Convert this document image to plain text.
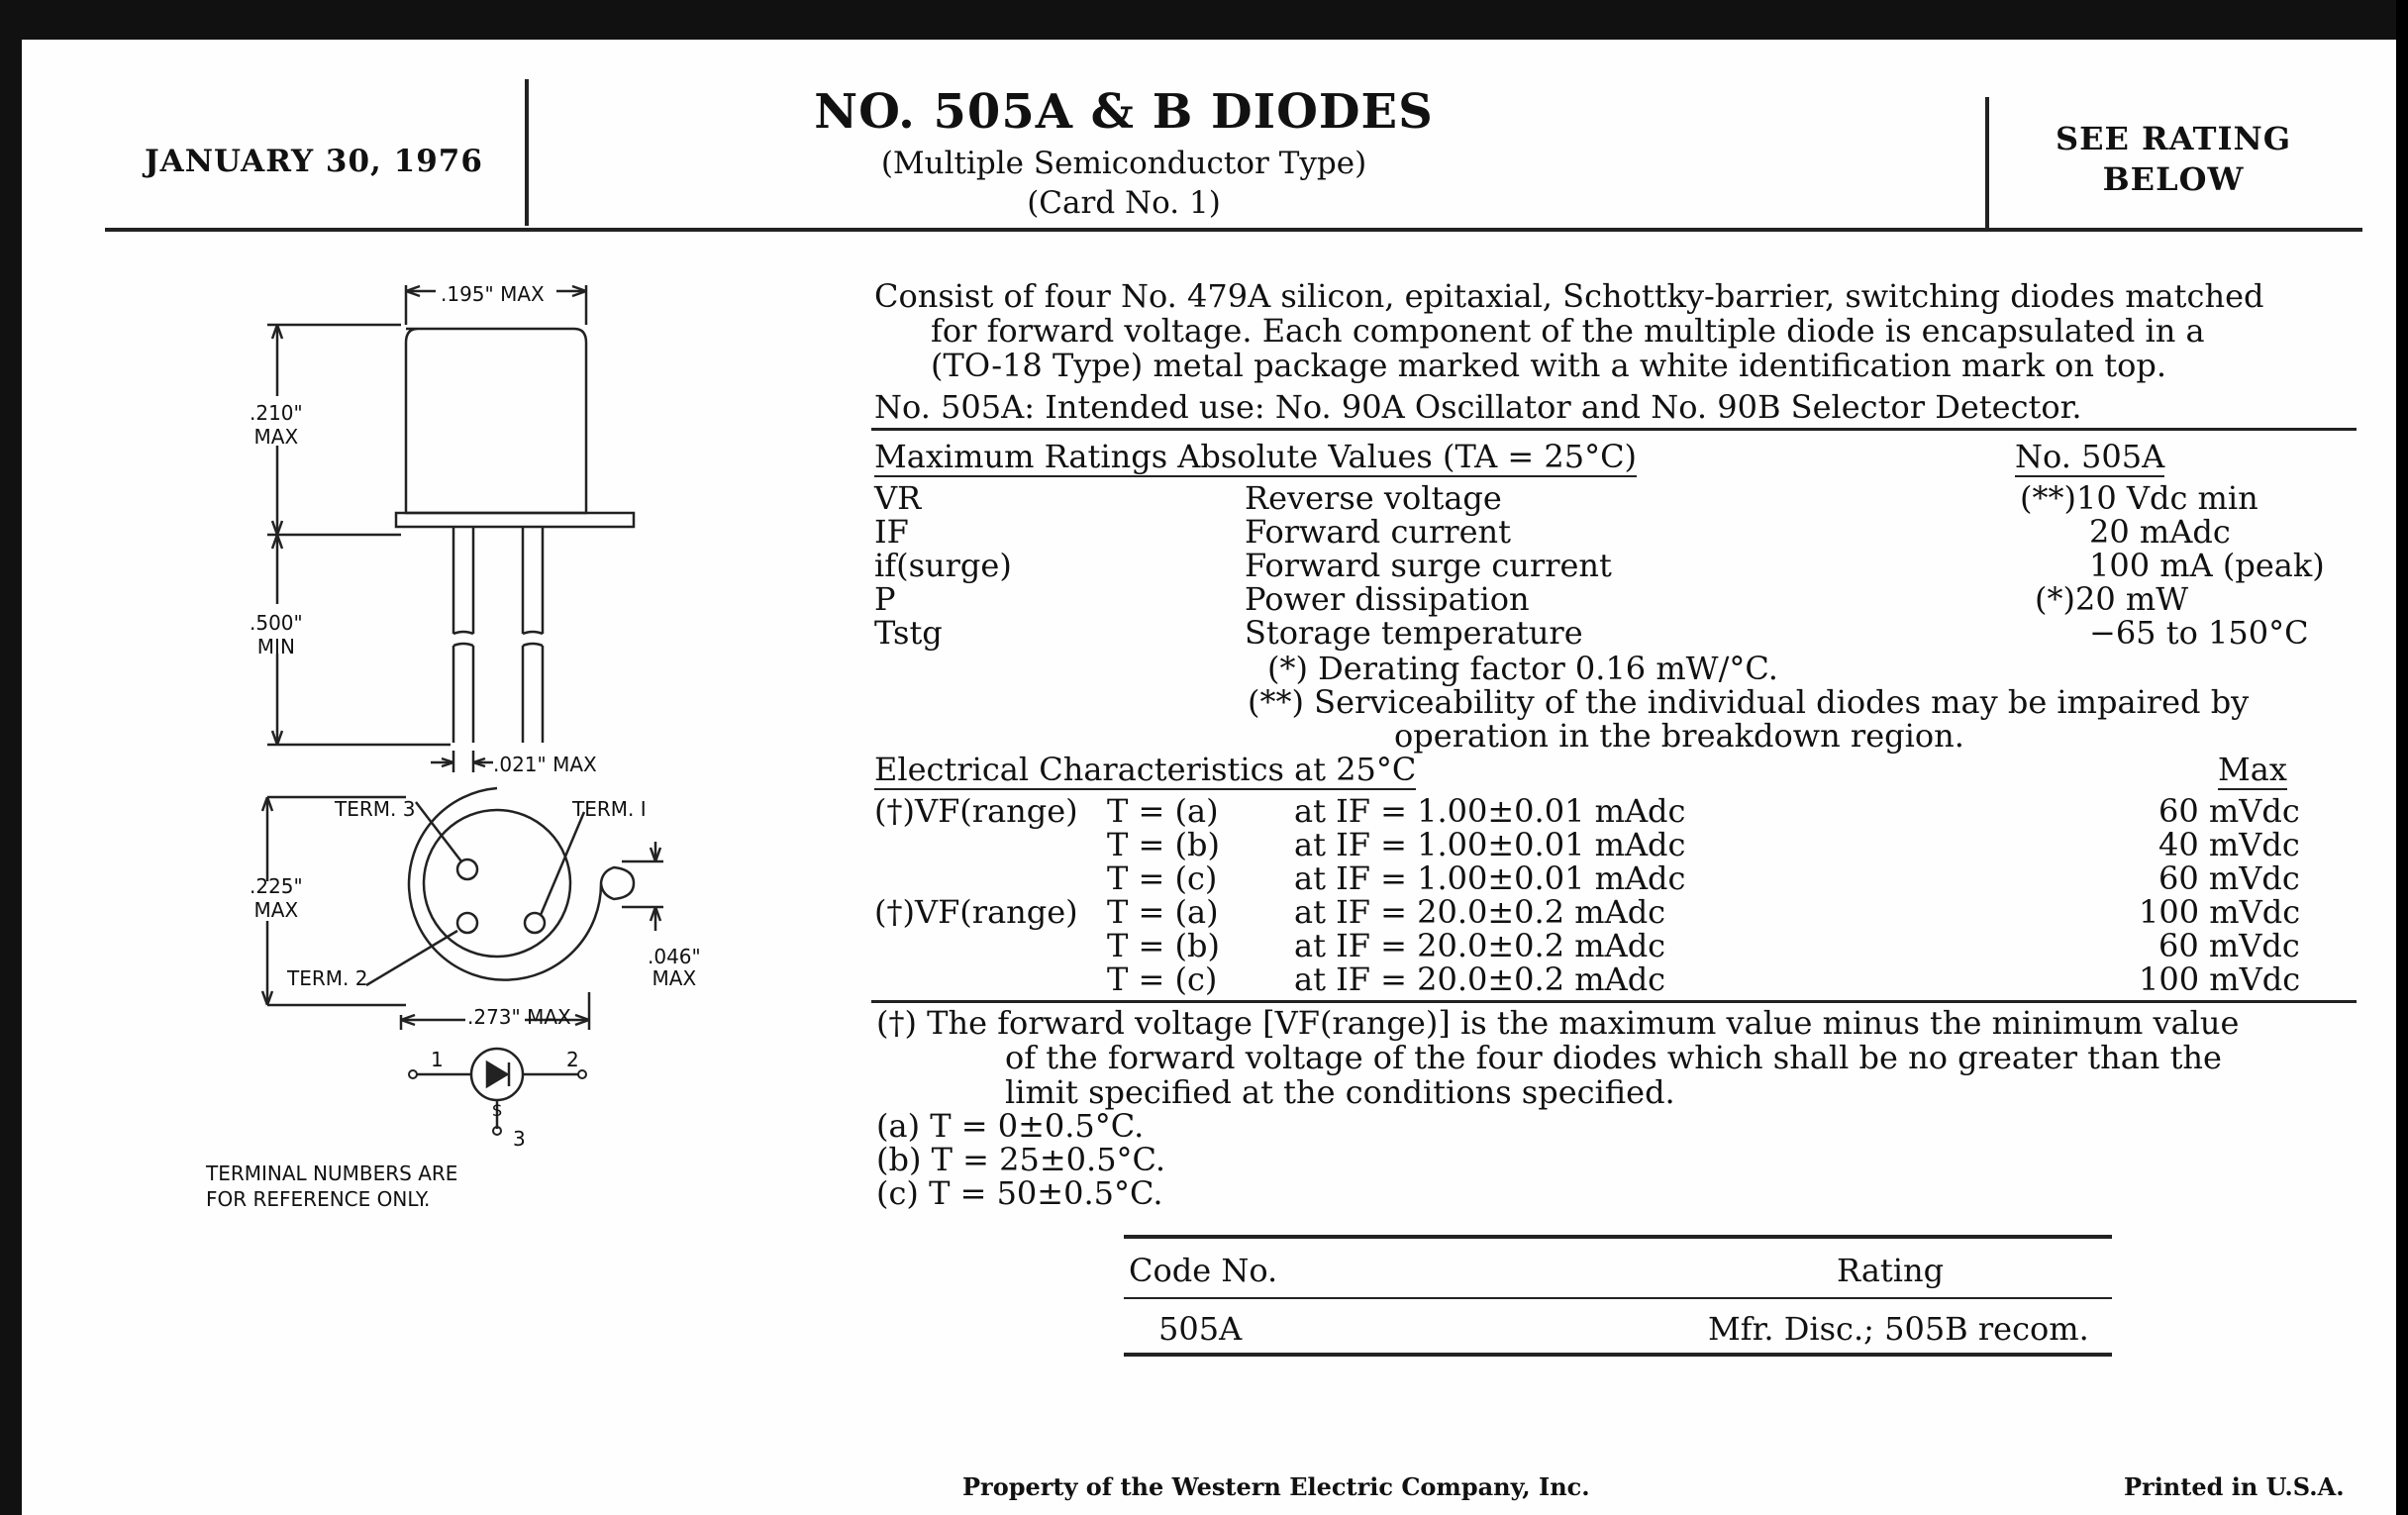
JANUARY 30, 1976
NO. 505A & B DIODES
(Multiple Semiconductor Type)
(Card No. 1)
SEE RATING
BELOW
.195" MAX
.210"
MAX
.500"
MIN
.021" MAX
TERM. 3	TERM. I
TERM. 2
.225"
MAX
.046"
MAX
.273" MAX
1	2
S
3
TERMINAL NUMBERS ARE
FOR REFERENCE ONLY.
Consist of four No. 479A silicon, epitaxial, Schottky-barrier, switching diodes matched
for forward voltage. Each component of the multiple diode is encapsulated in a
(TO-18 Type) metal package marked with a white identification mark on top.
No. 505A: Intended use: No. 90A Oscillator and No. 90B Selector Detector.
Maximum Ratings Absolute Values (TA = 25°C)	No. 505A
VR	Reverse voltage	(**)10 Vdc min
IF	Forward current	20 mAdc
if(surge)	Forward surge current	100 mA (peak)
P	Power dissipation	(*)20 mW
Tstg	Storage temperature	−65 to 150°C
(*) Derating factor 0.16 mW/°C.
(**) Serviceability of the individual diodes may be impaired by
operation in the breakdown region.
Electrical Characteristics at 25°C	Max
(†)VF(range) T = (a) at IF = 1.00±0.01 mAdc	60 mVdc
T = (b) at IF = 1.00±0.01 mAdc	40 mVdc
T = (c) at IF = 1.00±0.01 mAdc	60 mVdc
(†)VF(range) T = (a) at IF = 20.0±0.2 mAdc	100 mVdc
T = (b) at IF = 20.0±0.2 mAdc	60 mVdc
T = (c) at IF = 20.0±0.2 mAdc	100 mVdc
(†) The forward voltage [VF(range)] is the maximum value minus the minimum value
of the forward voltage of the four diodes which shall be no greater than the
limit specified at the conditions specified.
(a) T = 0±0.5°C.
(b) T = 25±0.5°C.
(c) T = 50±0.5°C.
Code No.	Rating
505A	Mfr. Disc.; 505B recom.
Property of the Western Electric Company, Inc.	Printed in U.S.A.
